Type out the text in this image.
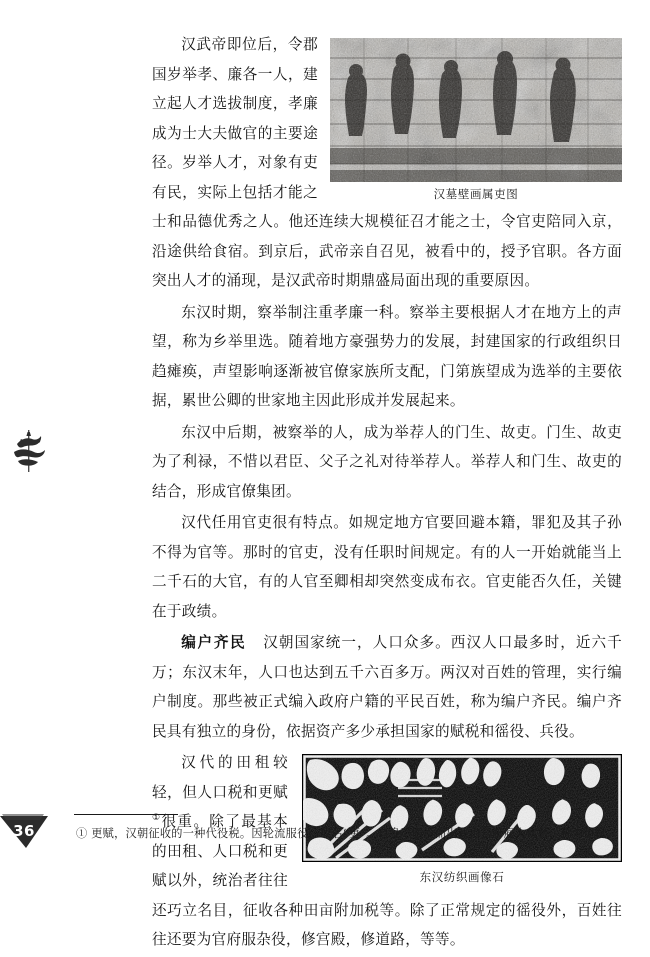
汉墓壁画属吏图

汉武帝即位后，令郡国岁举孝、廉各一人，建立起人才选拔制度，孝廉成为士大夫做官的主要途径。岁举人才，对象有吏有民，实际上包括才能之士和品德优秀之人。他还连续大规模征召才能之士，令官吏陪同入京，沿途供给食宿。到京后，武帝亲自召见，被看中的，授予官职。各方面突出人才的涌现，是汉武帝时期鼎盛局面出现的重要原因。

东汉时期，察举制注重孝廉一科。察举主要根据人才在地方上的声望，称为乡举里选。随着地方豪强势力的发展，封建国家的行政组织日趋瘫痪，声望影响逐渐被官僚家族所支配，门第族望成为选举的主要依据，累世公卿的世家地主因此形成并发展起来。

东汉中后期，被察举的人，成为举荐人的门生、故吏。门生、故吏为了利禄，不惜以君臣、父子之礼对待举荐人。举荐人和门生、故吏的结合，形成官僚集团。

汉代任用官吏很有特点。如规定地方官要回避本籍，罪犯及其子孙不得为官等。那时的官吏，没有任职时间规定。有的人一开始就能当上二千石的大官，有的人官至卿相却突然变成布衣。官吏能否久任，关键在于政绩。

编户齐民 汉朝国家统一，人口众多。西汉人口最多时，近六千万；东汉末年，人口也达到五千六百多万。两汉对百姓的管理，实行编户制度。那些被正式编入政府户籍的平民百姓，称为编户齐民。编户齐民具有独立的身份，依据资产多少承担国家的赋税和徭役、兵役。

东汉纺织画像石

汉代的田租较轻，但人口税和更赋①很重。除了最基本的田租、人口税和更赋以外，统治者往往还巧立名目，征收各种田亩附加税等。除了正常规定的徭役外，百姓往往还要为官府服杂役，修宫殿，修道路，等等。

① 更赋，汉朝征收的一种代役税。因轮流服役，故名“更”。自身不服役而出钱由官府雇人代替，称为更赋。
36
